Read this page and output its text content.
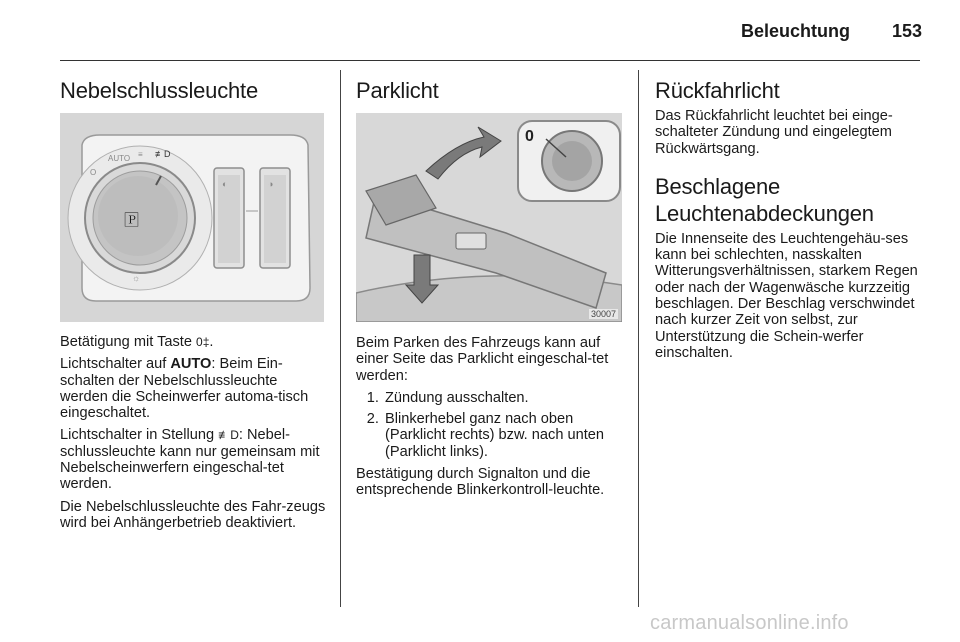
Beleuchtung	153
Nebelschlussleuchte
🄿
O
AUTO ≡ ≢D
☼
◐	◑

Betätigung mit Taste 0‡.

Lichtschalter auf AUTO: Beim Ein-schalten der Nebelschlussleuchte werden die Scheinwerfer automa-tisch eingeschaltet.

Lichtschalter in Stellung ≢D: Nebel-schlussleuchte kann nur gemeinsam mit Nebelscheinwerfern eingeschal-tet werden.

Die Nebelschlussleuchte des Fahr-zeugs wird bei Anhängerbetrieb deaktiviert.

Parklicht
0
30007

Beim Parken des Fahrzeugs kann auf einer Seite das Parklicht eingeschal-tet werden:

1. Zündung ausschalten.
2. Blinkerhebel ganz nach oben (Parklicht rechts) bzw. nach unten (Parklicht links).

Bestätigung durch Signalton und die entsprechende Blinkerkontroll-leuchte.

Rückfahrlicht

Das Rückfahrlicht leuchtet bei einge-schalteter Zündung und eingelegtem Rückwärtsgang.

Beschlagene Leuchtenabdeckungen

Die Innenseite des Leuchtengehäu-ses kann bei schlechten, nasskalten Witterungsverhältnissen, starkem Regen oder nach der Wagenwäsche kurzzeitig beschlagen. Der Beschlag verschwindet nach kurzer Zeit von selbst, zur Unterstützung die Schein-werfer einschalten.

carmanualsonline.info
